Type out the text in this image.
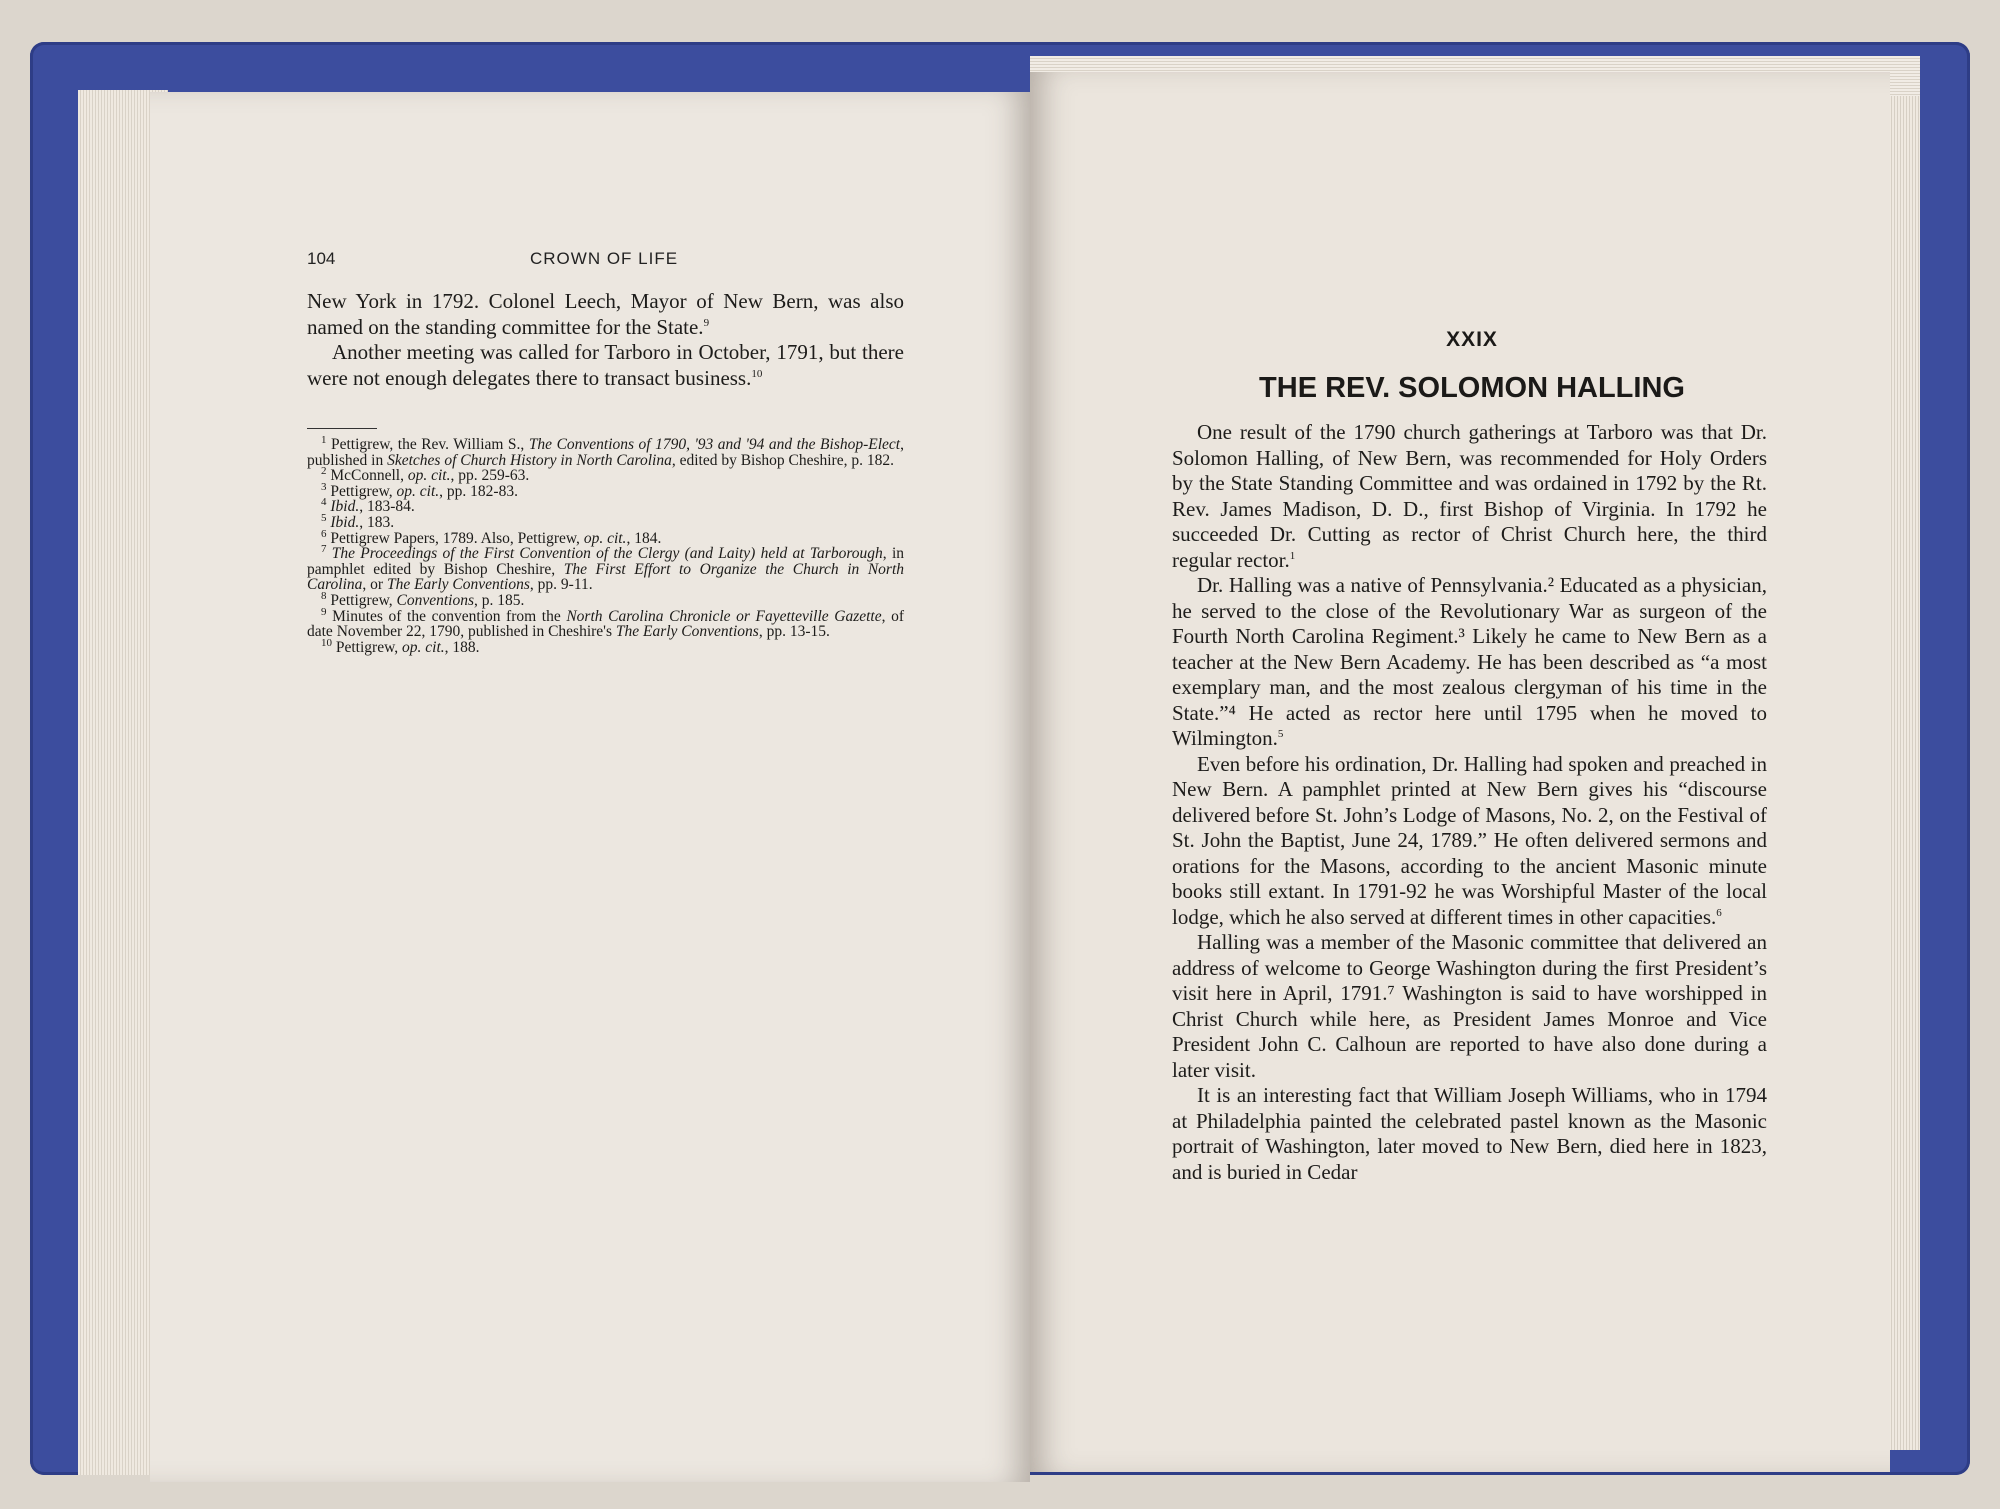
104	CROWN OF LIFE

New York in 1792. Colonel Leech, Mayor of New Bern, was also named on the standing committee for the State.$^9$

Another meeting was called for Tarboro in October, 1791, but there were not enough delegates there to transact business.$^{10}$

$^1$ Pettigrew, the Rev. William S., The Conventions of 1790, '93 and '94 and the Bishop-Elect, published in Sketches of Church History in North Carolina, edited by Bishop Cheshire, p. 182.
$^2$ McConnell, op. cit., pp. 259-63.
$^3$ Pettigrew, op. cit., pp. 182-83.
$^4$ Ibid., 183-84.
$^5$ Ibid., 183.
$^6$ Pettigrew Papers, 1789. Also, Pettigrew, op. cit., 184.
$^7$ The Proceedings of the First Convention of the Clergy (and Laity) held at Tarborough, in pamphlet edited by Bishop Cheshire, The First Effort to Organize the Church in North Carolina, or The Early Conventions, pp. 9-11.
$^8$ Pettigrew, Conventions, p. 185.
$^9$ Minutes of the convention from the North Carolina Chronicle or Fayetteville Gazette, of date November 22, 1790, published in Cheshire's The Early Conventions, pp. 13-15.
$^{10}$ Pettigrew, op. cit., 188.
XXIX
THE REV. SOLOMON HALLING

One result of the 1790 church gatherings at Tarboro was that Dr. Solomon Halling, of New Bern, was recommended for Holy Orders by the State Standing Committee and was ordained in 1792 by the Rt. Rev. James Madison, D. D., first Bishop of Virginia. In 1792 he succeeded Dr. Cutting as rector of Christ Church here, the third regular rector.$^1$

Dr. Halling was a native of Pennsylvania.² Educated as a physician, he served to the close of the Revolutionary War as surgeon of the Fourth North Carolina Regiment.³ Likely he came to New Bern as a teacher at the New Bern Academy. He has been described as “a most exemplary man, and the most zealous clergyman of his time in the State.”⁴ He acted as rector here until 1795 when he moved to Wilmington.$^5$

Even before his ordination, Dr. Halling had spoken and preached in New Bern. A pamphlet printed at New Bern gives his “discourse delivered before St. John’s Lodge of Masons, No. 2, on the Festival of St. John the Baptist, June 24, 1789.” He often delivered sermons and orations for the Masons, according to the ancient Masonic minute books still extant. In 1791-92 he was Worshipful Master of the local lodge, which he also served at different times in other capacities.$^6$

Halling was a member of the Masonic committee that delivered an address of welcome to George Washington during the first President’s visit here in April, 1791.⁷ Washington is said to have worshipped in Christ Church while here, as President James Monroe and Vice President John C. Calhoun are reported to have also done during a later visit.

It is an interesting fact that William Joseph Williams, who in 1794 at Philadelphia painted the celebrated pastel known as the Masonic portrait of Washington, later moved to New Bern, died here in 1823, and is buried in Cedar
